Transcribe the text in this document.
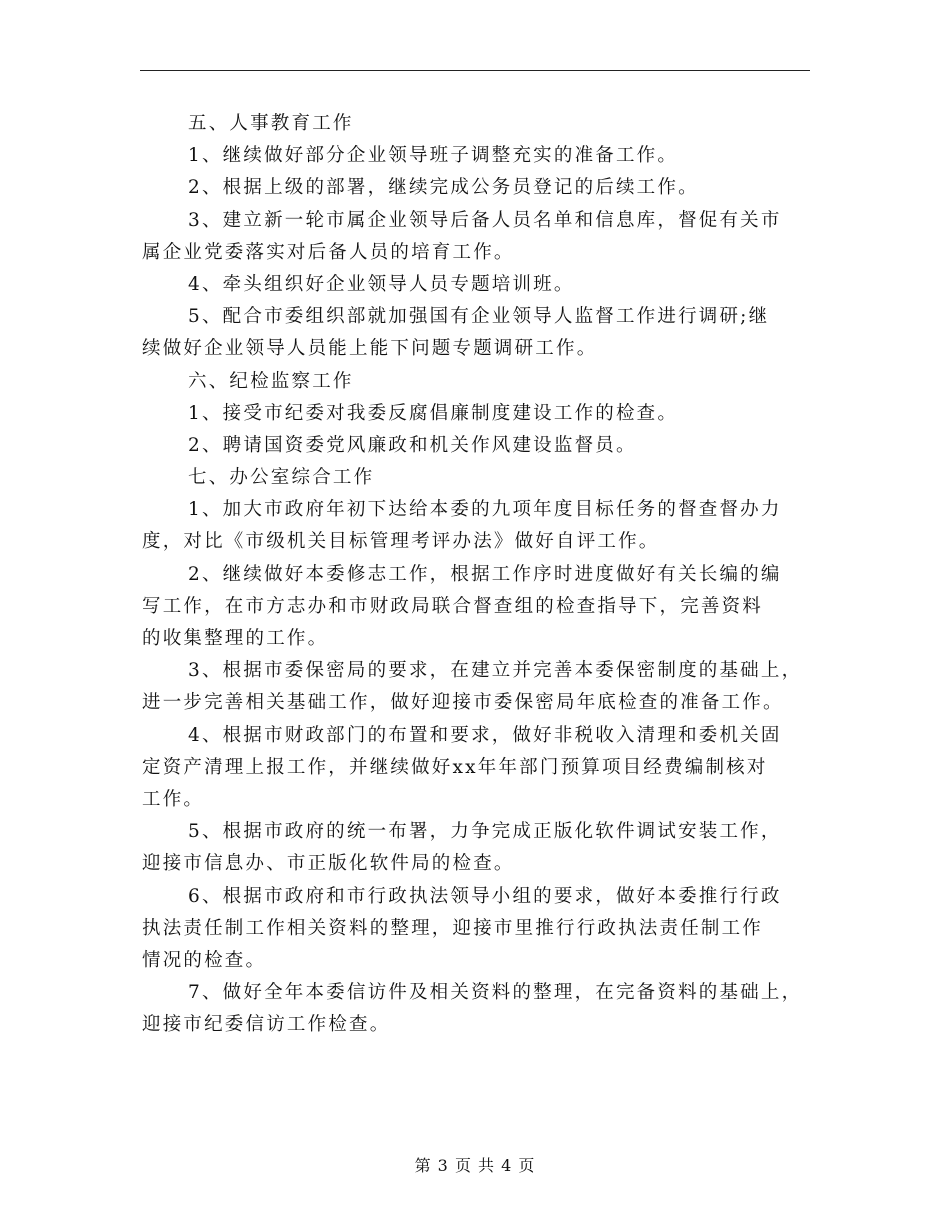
五、人事教育工作
1、继续做好部分企业领导班子调整充实的准备工作。
2、根据上级的部署，继续完成公务员登记的后续工作。
3、建立新一轮市属企业领导后备人员名单和信息库，督促有关市
属企业党委落实对后备人员的培育工作。
4、牵头组织好企业领导人员专题培训班。
5、配合市委组织部就加强国有企业领导人监督工作进行调研;继
续做好企业领导人员能上能下问题专题调研工作。
六、纪检监察工作
1、接受市纪委对我委反腐倡廉制度建设工作的检查。
2、聘请国资委党风廉政和机关作风建设监督员。
七、办公室综合工作
1、加大市政府年初下达给本委的九项年度目标任务的督查督办力
度，对比《市级机关目标管理考评办法》做好自评工作。
2、继续做好本委修志工作，根据工作序时进度做好有关长编的编
写工作，在市方志办和市财政局联合督查组的检查指导下，完善资料
的收集整理的工作。
3、根据市委保密局的要求，在建立并完善本委保密制度的基础上，
进一步完善相关基础工作，做好迎接市委保密局年底检查的准备工作。
4、根据市财政部门的布置和要求，做好非税收入清理和委机关固
定资产清理上报工作，并继续做好xx年年部门预算项目经费编制核对
工作。
5、根据市政府的统一布署，力争完成正版化软件调试安装工作，
迎接市信息办、市正版化软件局的检查。
6、根据市政府和市行政执法领导小组的要求，做好本委推行行政
执法责任制工作相关资料的整理，迎接市里推行行政执法责任制工作
情况的检查。
7、做好全年本委信访件及相关资料的整理，在完备资料的基础上，
迎接市纪委信访工作检查。
第 3 页 共 4 页
